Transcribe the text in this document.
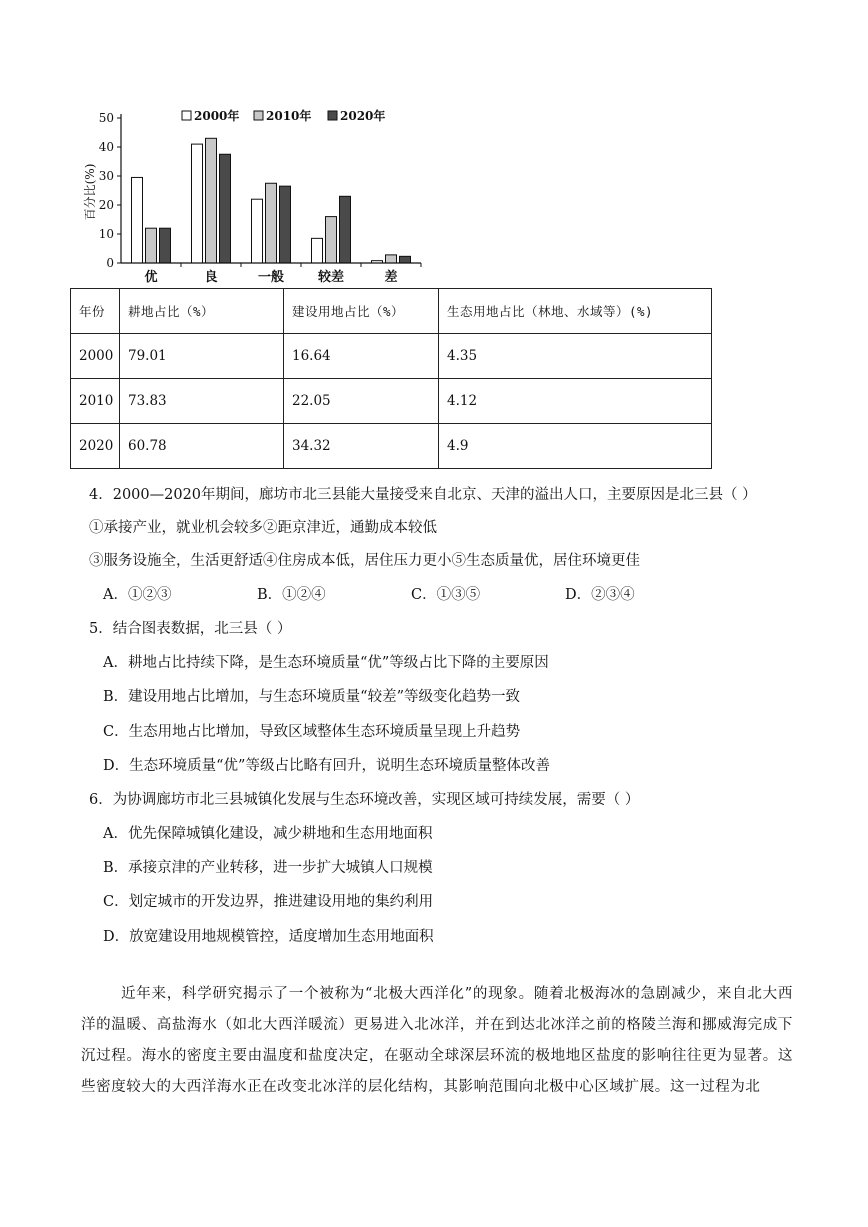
百分比(%)
2000年 2010年 2020年
0
10
20
30
40
50
优	良	一般	较差	差
年份	耕地占比（%）	建设用地占比（%）	生态用地占比（林地、水域等）(%)
2000	79.01	16.64	4.35
2010	73.83	22.05	4.12
2020	60.78	34.32	4.9
4．2000—2020年期间，廊坊市北三县能大量接受来自北京、天津的溢出人口，主要原因是北三县（ ）
①承接产业，就业机会较多②距京津近，通勤成本较低
③服务设施全，生活更舒适④住房成本低，居住压力更小⑤生态质量优，居住环境更佳
A．①②③	B．①②④	C．①③⑤	D．②③④
5．结合图表数据，北三县（ ）
A．耕地占比持续下降，是生态环境质量“优”等级占比下降的主要原因
B．建设用地占比增加，与生态环境质量“较差”等级变化趋势一致
C．生态用地占比增加，导致区域整体生态环境质量呈现上升趋势
D．生态环境质量“优”等级占比略有回升，说明生态环境质量整体改善
6．为协调廊坊市北三县城镇化发展与生态环境改善，实现区域可持续发展，需要（ ）
A．优先保障城镇化建设，减少耕地和生态用地面积
B．承接京津的产业转移，进一步扩大城镇人口规模
C．划定城市的开发边界，推进建设用地的集约利用
D．放宽建设用地规模管控，适度增加生态用地面积
近年来，科学研究揭示了一个被称为“北极大西洋化”的现象。随着北极海冰的急剧减少，来自北大西洋的温暖、高盐海水（如北大西洋暖流）更易进入北冰洋，并在到达北冰洋之前的格陵兰海和挪威海完成下沉过程。海水的密度主要由温度和盐度决定，在驱动全球深层环流的极地地区盐度的影响往往更为显著。这些密度较大的大西洋海水正在改变北冰洋的层化结构，其影响范围向北极中心区域扩展。这一过程为北
